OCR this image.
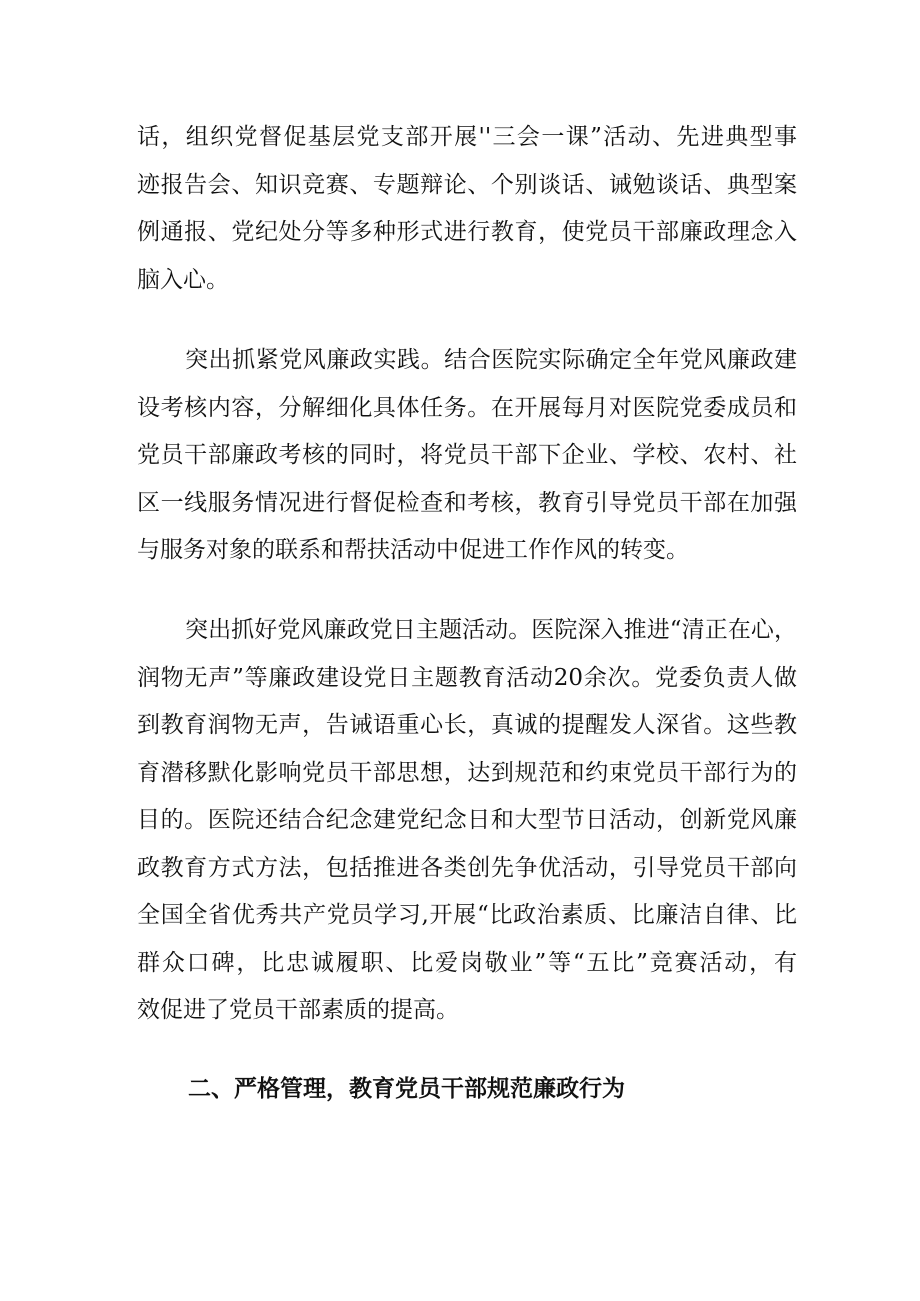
话，组织党督促基层党支部开展''三会一课”活动、先进典型事
迹报告会、知识竞赛、专题辩论、个别谈话、诫勉谈话、典型案
例通报、党纪处分等多种形式进行教育，使党员干部廉政理念入
脑入心。
突出抓紧党风廉政实践。结合医院实际确定全年党风廉政建
设考核内容，分解细化具体任务。在开展每月对医院党委成员和
党员干部廉政考核的同时，将党员干部下企业、学校、农村、社
区一线服务情况进行督促检查和考核，教育引导党员干部在加强
与服务对象的联系和帮扶活动中促进工作作风的转变。
突出抓好党风廉政党日主题活动。医院深入推进“清正在心，
润物无声”等廉政建设党日主题教育活动20余次。党委负责人做
到教育润物无声，告诫语重心长，真诚的提醒发人深省。这些教
育潜移默化影响党员干部思想，达到规范和约束党员干部行为的
目的。医院还结合纪念建党纪念日和大型节日活动，创新党风廉
政教育方式方法，包括推进各类创先争优活动，引导党员干部向
全国全省优秀共产党员学习,开展“比政治素质、比廉洁自律、比
群众口碑，比忠诚履职、比爱岗敬业”等“五比”竞赛活动，有
效促进了党员干部素质的提高。

二、严格管理，教育党员干部规范廉政行为
